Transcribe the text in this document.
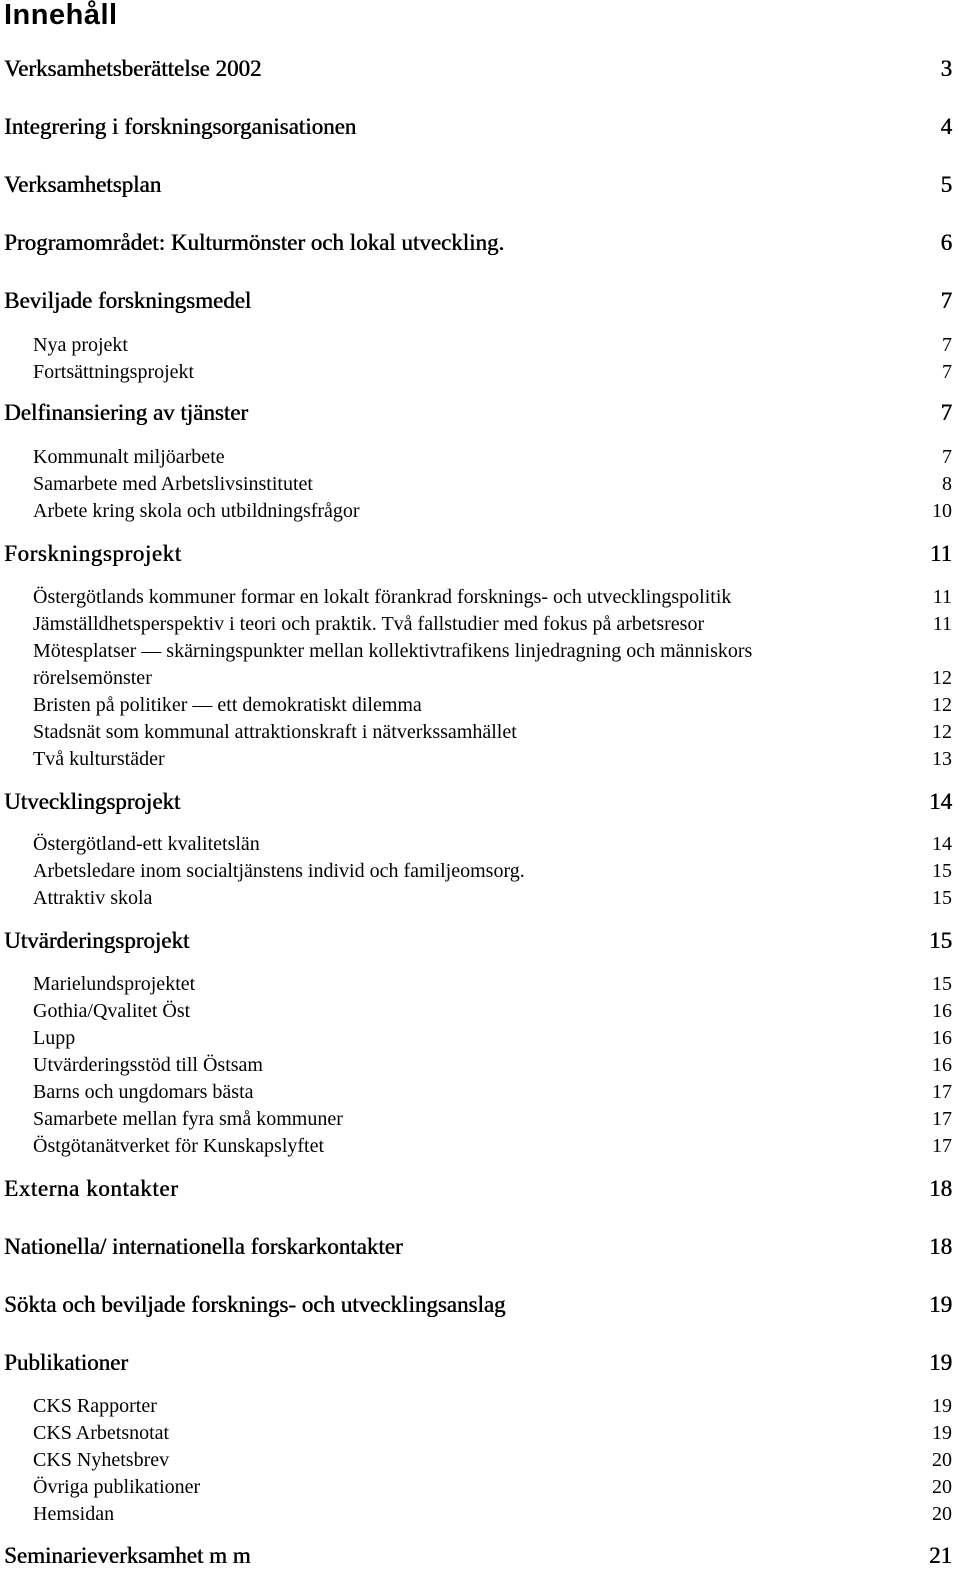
Innehåll
Verksamhetsberättelse 2002	3
Integrering i forskningsorganisationen	4
Verksamhetsplan	5
Programområdet: Kulturmönster och lokal utveckling.	6
Beviljade forskningsmedel	7
Nya projekt	7
Fortsättningsprojekt	7
Delfinansiering av tjänster	7
Kommunalt miljöarbete	7
Samarbete med Arbetslivsinstitutet	8
Arbete kring skola och utbildningsfrågor	10
Forskningsprojekt	11
Östergötlands kommuner formar en lokalt förankrad forsknings- och utvecklingspolitik	11
Jämställdhetsperspektiv i teori och praktik. Två fallstudier med fokus på arbetsresor	11
Mötesplatser — skärningspunkter mellan kollektivtrafikens linjedragning och människors
rörelsemönster	12
Bristen på politiker — ett demokratiskt dilemma	12
Stadsnät som kommunal attraktionskraft i nätverkssamhället	12
Två kulturstäder	13
Utvecklingsprojekt	14
Östergötland-ett kvalitetslän	14
Arbetsledare inom socialtjänstens individ och familjeomsorg.	15
Attraktiv skola	15
Utvärderingsprojekt	15
Marielundsprojektet	15
Gothia/Qvalitet Öst	16
Lupp	16
Utvärderingsstöd till Östsam	16
Barns och ungdomars bästa	17
Samarbete mellan fyra små kommuner	17
Östgötanätverket för Kunskapslyftet	17
Externa kontakter	18
Nationella/ internationella forskarkontakter	18
Sökta och beviljade forsknings- och utvecklingsanslag	19
Publikationer	19
CKS Rapporter	19
CKS Arbetsnotat	19
CKS Nyhetsbrev	20
Övriga publikationer	20
Hemsidan	20
Seminarieverksamhet m m	21
